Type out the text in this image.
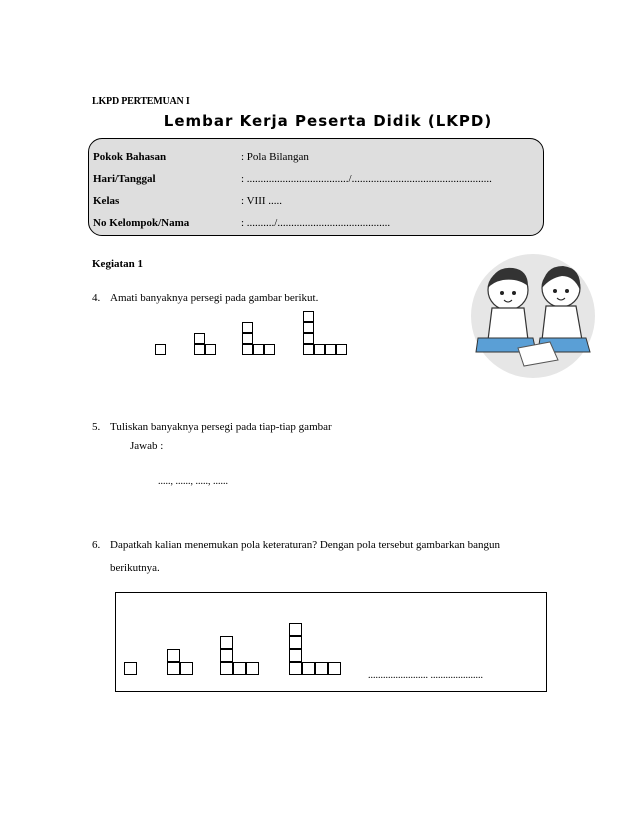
LKPD PERTEMUAN I
Lembar Kerja Peserta Didik (LKPD)
Pokok Bahasan	: Pola Bilangan
Hari/Tanggal	: ...................................../...................................................
Kelas	: VIII .....
No Kelompok/Nama	: ........../.........................................
Kegiatan 1
4. Amati banyaknya persegi pada gambar berikut.
5. Tuliskan banyaknya persegi pada tiap-tiap gambar
Jawab :
....., ......, ....., ......
6. Dapatkah kalian menemukan pola keteraturan? Dengan pola tersebut gambarkan bangun
berikutnya.
........................ .....................
